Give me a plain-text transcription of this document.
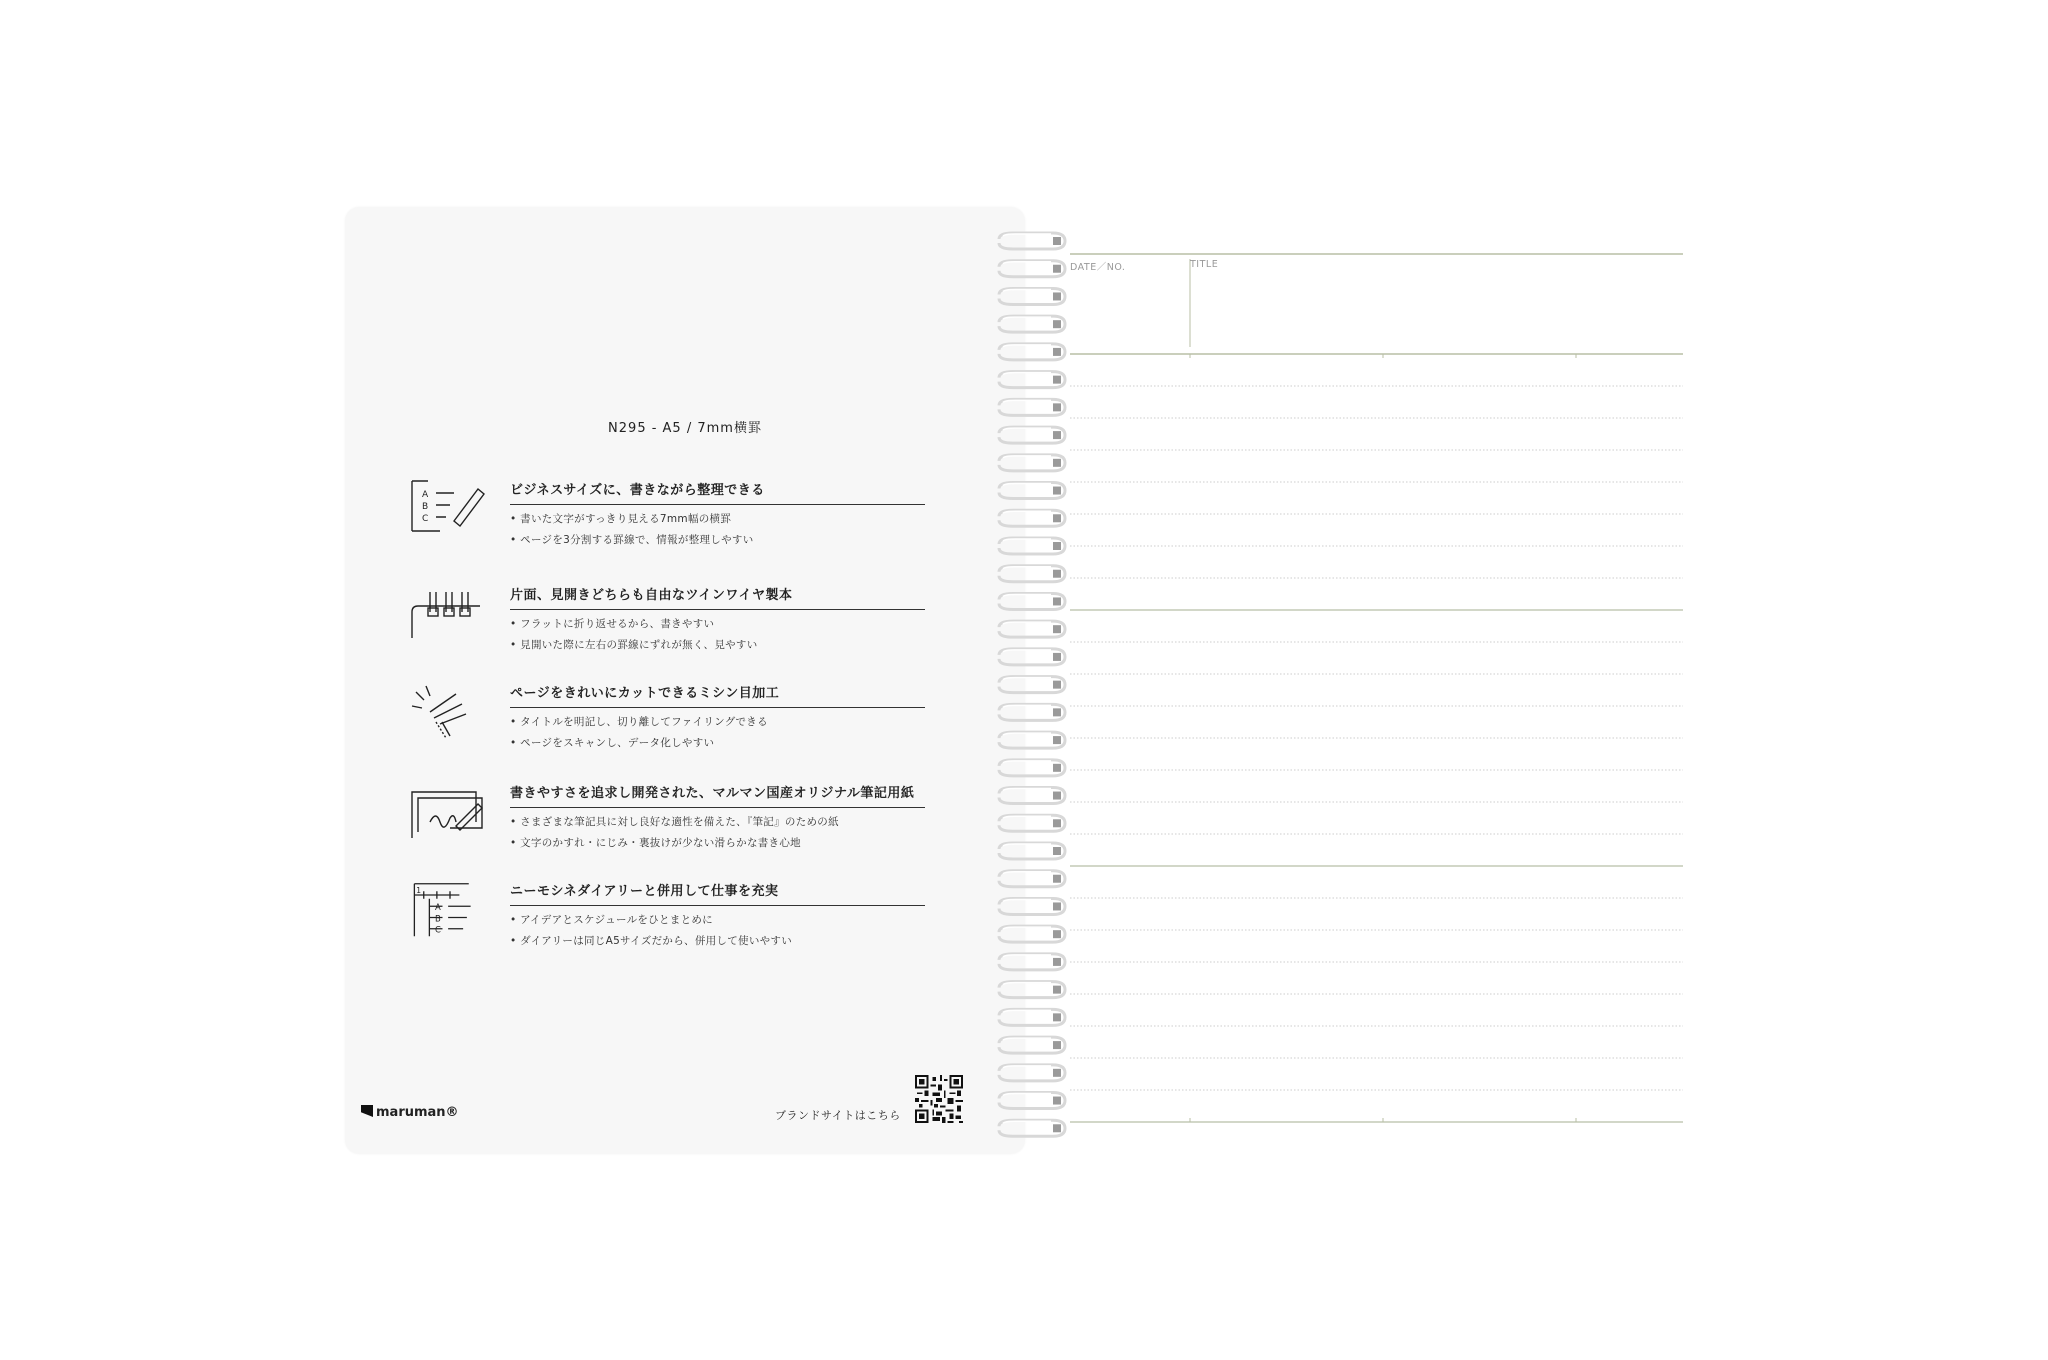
N295 - A5 / 7mm横罫
A
B
C
ビジネスサイズに、書きながら整理できる
• 書いた文字がすっきり見える7mm幅の横罫
• ページを3分割する罫線で、情報が整理しやすい
片面、見開きどちらも自由なツインワイヤ製本
• フラットに折り返せるから、書きやすい
• 見開いた際に左右の罫線にずれが無く、見やすい
ページをきれいにカットできるミシン目加工
• タイトルを明記し、切り離してファイリングできる
• ページをスキャンし、データ化しやすい
書きやすさを追求し開発された、マルマン国産オリジナル筆記用紙
• さまざまな筆記具に対し良好な適性を備えた、『筆記』のための紙
• 文字のかすれ・にじみ・裏抜けが少ない滑らかな書き心地
1
A
B
C
ニーモシネダイアリーと併用して仕事を充実
• アイデアとスケジュールをひとまとめに
• ダイアリーは同じA5サイズだから、併用して使いやすい
maruman®	ブランドサイトはこちら
DATE／NO.	TITLE
